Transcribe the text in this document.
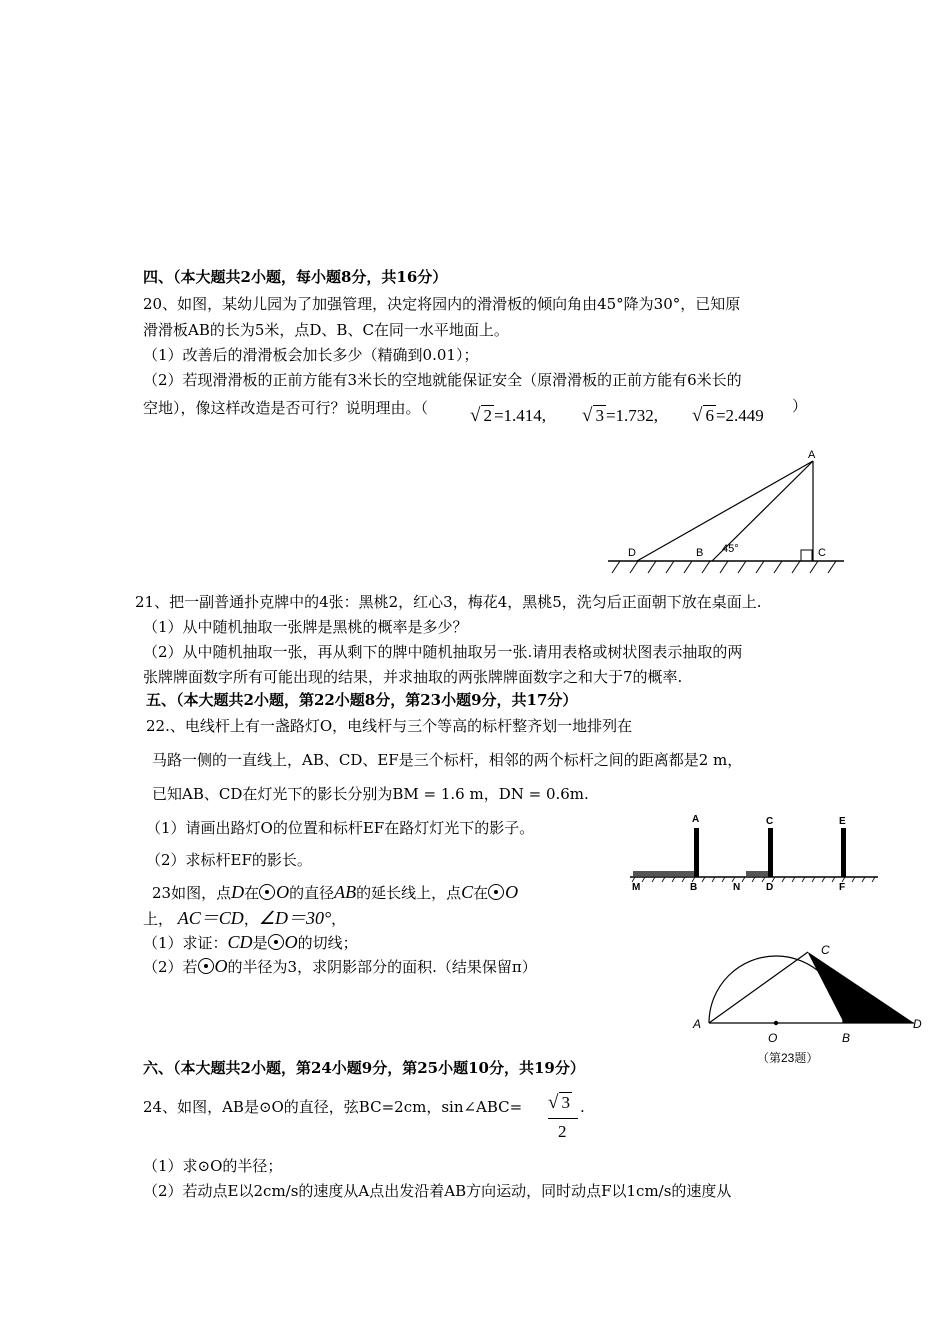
四、（本大题共2小题，每小题8分，共16分）
20、如图，某幼儿园为了加强管理，决定将园内的滑滑板的倾向角由45°降为30°，已知原
滑滑板AB的长为5米，点D、B、C在同一水平地面上。
（1）改善后的滑滑板会加长多少（精确到0.01）；
（2）若现滑滑板的正前方能有3米长的空地就能保证安全（原滑滑板的正前方能有6米长的
空地），像这样改造是否可行？说明理由。（ √ 2 =1.414, √ 3 =1.732, √ 6 =2.449 ）
A
B	C
D	45°
21、把一副普通扑克牌中的4张：黑桃2，红心3，梅花4，黑桃5，洗匀后正面朝下放在桌面上.
（1）从中随机抽取一张牌是黑桃的概率是多少？
（2）从中随机抽取一张，再从剩下的牌中随机抽取另一张.请用表格或树状图表示抽取的两
张牌牌面数字所有可能出现的结果，并求抽取的两张牌牌面数字之和大于7的概率.
五、（本大题共2小题，第22小题8分，第23小题9分，共17分）
22.、电线杆上有一盏路灯O，电线杆与三个等高的标杆整齐划一地排列在
马路一侧的一直线上，AB、CD、EF是三个标杆，相邻的两个标杆之间的距离都是2 m，
已知AB、CD在灯光下的影长分别为BM = 1.6 m，DN = 0.6m.
（1）请画出路灯O的位置和标杆EF在路灯灯光下的影子。
（2）求标杆EF的影长。
A	C	E
M	B	N	D	F
23如图，点D在 O的直径AB的延长线上，点C在 O
上， AC＝CD，∠D＝30°，
（1）求证：CD是 O的切线；
（2）若 O的半径为3，求阴影部分的面积.（结果保留π）
A
O	B
D
C
（第23题）
六、（本大题共2小题，第24小题9分，第25小题10分，共19分）
24、如图，AB是⊙O的直径，弦BC=2cm，sin∠ABC= √ 3
2
.
（1）求⊙O的半径；
（2）若动点E以2cm/s的速度从A点出发沿着AB方向运动，同时动点F以1cm/s的速度从
